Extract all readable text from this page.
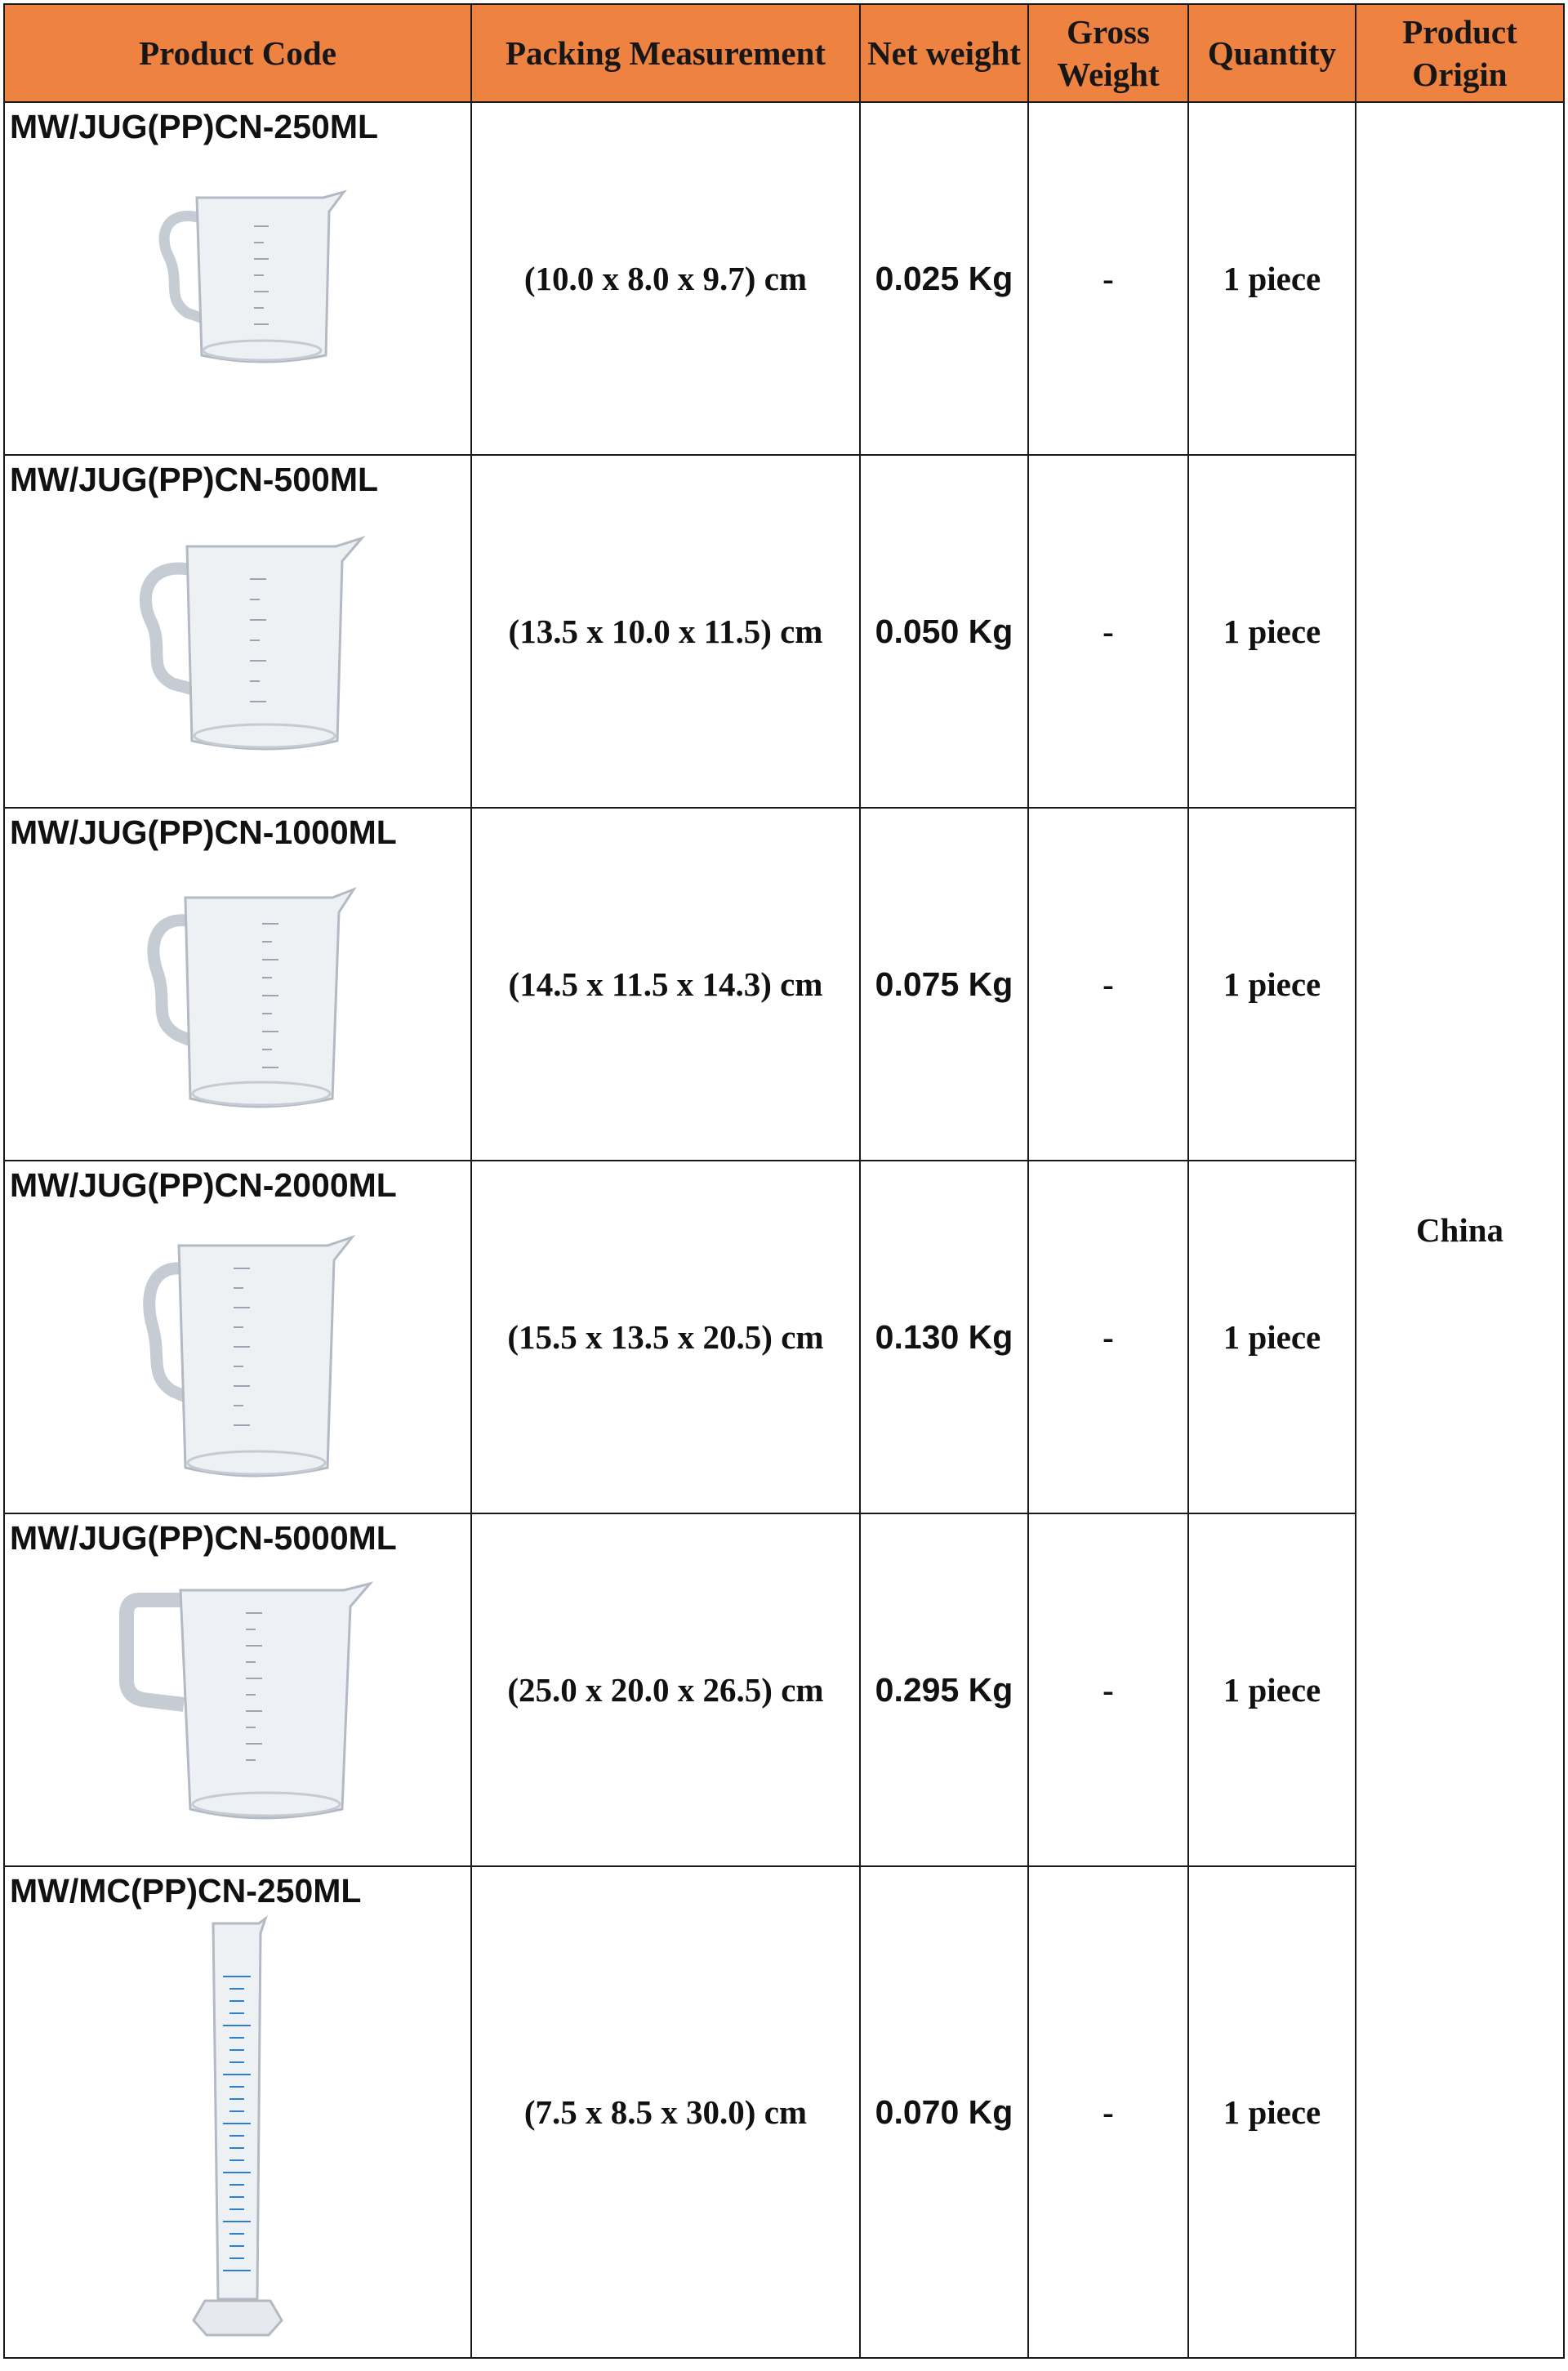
Product Code	Packing Measurement	Net weight	Gross Weight	Quantity	Product Origin

MW/JUG(PP)CN-250ML	(10.0 x 8.0 x 9.7) cm	0.025 Kg	-	1 piece	China

MW/JUG(PP)CN-500ML	(13.5 x 10.0 x 11.5) cm	0.050 Kg	-	1 piece	

MW/JUG(PP)CN-1000ML	(14.5 x 11.5 x 14.3) cm	0.075 Kg	-	1 piece	

MW/JUG(PP)CN-2000ML	(15.5 x 13.5 x 20.5) cm	0.130 Kg	-	1 piece	

MW/JUG(PP)CN-5000ML	(25.0 x 20.0 x 26.5) cm	0.295 Kg	-	1 piece	

MW/MC(PP)CN-250ML	(7.5 x 8.5 x 30.0) cm	0.070 Kg	-	1 piece	
